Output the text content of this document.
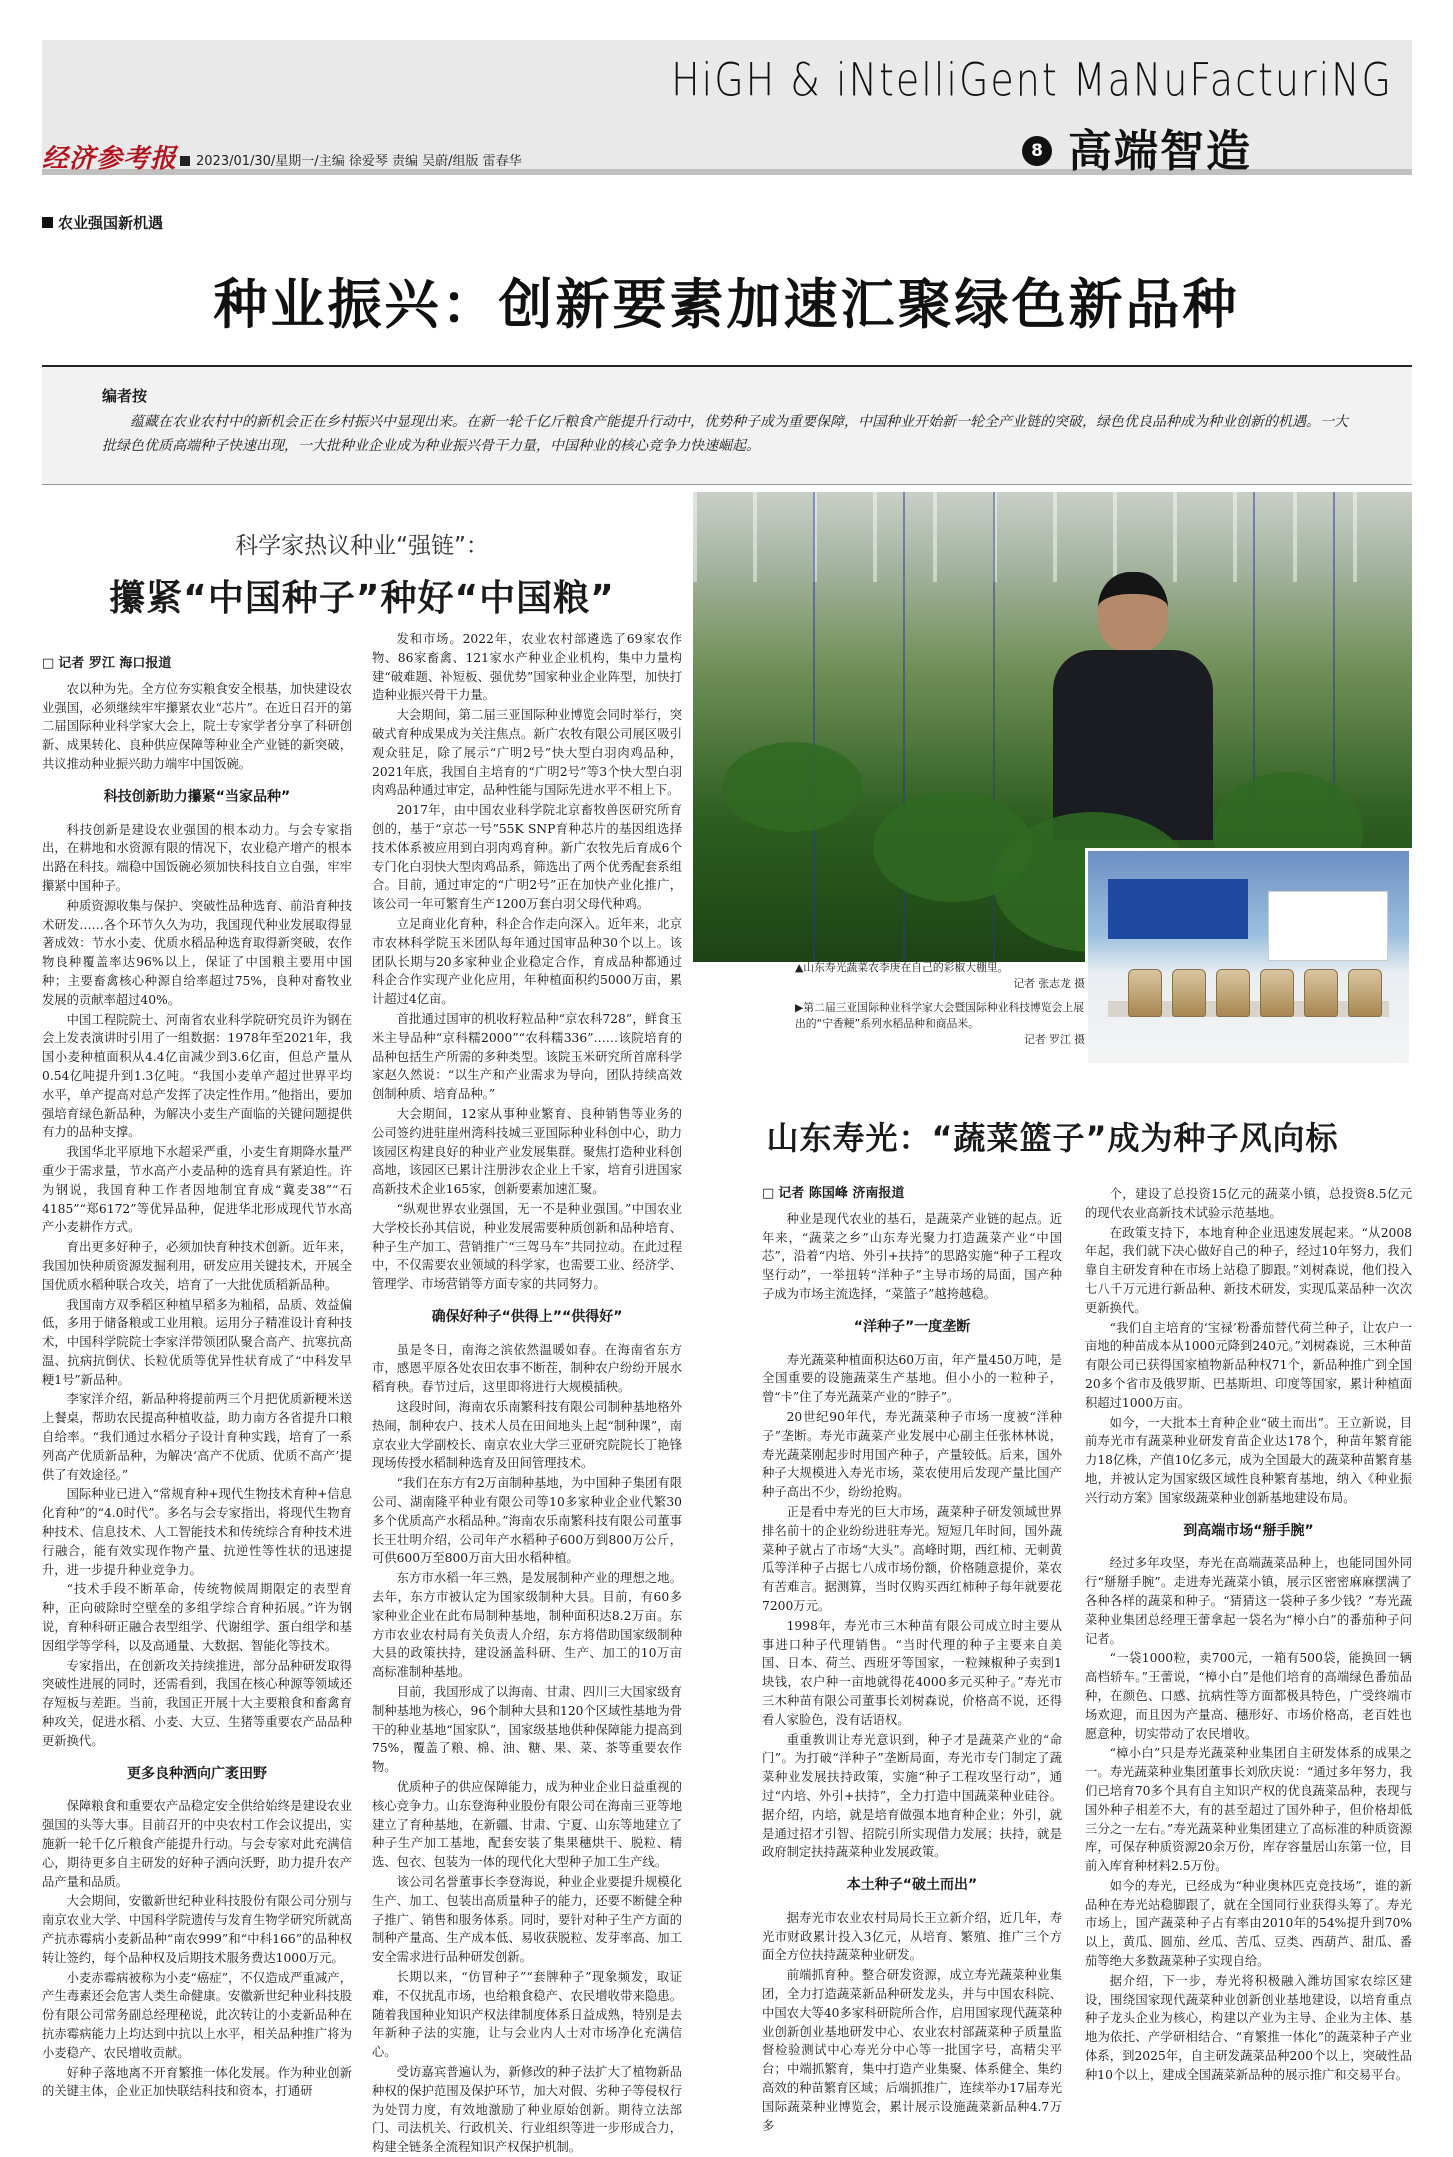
HiGH & iNtelliGent MaNuFacturiNG
经济参考报	2023/01/30/星期一/主编 徐爱琴 责编 吴蔚/组版 雷春华
8 高端智造
农业强国新机遇
种业振兴：创新要素加速汇聚绿色新品种
编者按
蕴藏在农业农村中的新机会正在乡村振兴中显现出来。在新一轮千亿斤粮食产能提升行动中，优势种子成为重要保障，中国种业开始新一轮全产业链的突破，绿色优良品种成为种业创新的机遇。一大批绿色优质高端种子快速出现，一大批种业企业成为种业振兴骨干力量，中国种业的核心竞争力快速崛起。
科学家热议种业“强链”：
攥紧“中国种子”种好“中国粮”
□ 记者 罗江 海口报道

农以种为先。全方位夯实粮食安全根基，加快建设农业强国，必须继续牢牢攥紧农业“芯片”。在近日召开的第二届国际种业科学家大会上，院士专家学者分享了科研创新、成果转化、良种供应保障等种业全产业链的新突破，共议推动种业振兴助力端牢中国饭碗。

科技创新助力攥紧“当家品种”

科技创新是建设农业强国的根本动力。与会专家指出，在耕地和水资源有限的情况下，农业稳产增产的根本出路在科技。端稳中国饭碗必须加快科技自立自强，牢牢攥紧中国种子。

种质资源收集与保护、突破性品种选育、前沿育种技术研发……各个环节久久为功，我国现代种业发展取得显著成效：节水小麦、优质水稻品种选育取得新突破，农作物良种覆盖率达96%以上，保证了中国粮主要用中国种；主要畜禽核心种源自给率超过75%，良种对畜牧业发展的贡献率超过40%。

中国工程院院士、河南省农业科学院研究员许为钢在会上发表演讲时引用了一组数据：1978年至2021年，我国小麦种植面积从4.4亿亩减少到3.6亿亩，但总产量从0.54亿吨提升到1.3亿吨。“我国小麦单产超过世界平均水平，单产提高对总产发挥了决定性作用。”他指出，要加强培育绿色新品种，为解决小麦生产面临的关键问题提供有力的品种支撑。

我国华北平原地下水超采严重，小麦生育期降水量严重少于需求量，节水高产小麦品种的选育具有紧迫性。许为钢说，我国育种工作者因地制宜育成“冀麦38”“石4185”“郑6172”等优异品种，促进华北形成现代节水高产小麦耕作方式。

育出更多好种子，必须加快育种技术创新。近年来，我国加快种质资源发掘利用，研发应用关键技术，开展全国优质水稻种联合攻关，培育了一大批优质稻新品种。

我国南方双季稻区种植早稻多为籼稻，品质、效益偏低，多用于储备粮或工业用粮。运用分子精准设计育种技术，中国科学院院士李家洋带领团队聚合高产、抗寒抗高温、抗病抗倒伏、长粒优质等优异性状育成了“中科发早粳1号”新品种。

李家洋介绍，新品种将提前两三个月把优质新粳米送上餐桌，帮助农民提高种植收益，助力南方各省提升口粮自给率。“我们通过水稻分子设计育种实践，培育了一系列高产优质新品种，为解决‘高产不优质、优质不高产’提供了有效途径。”

国际种业已进入“常规育种+现代生物技术育种+信息化育种”的“4.0时代”。多名与会专家指出，将现代生物育种技术、信息技术、人工智能技术和传统综合育种技术进行融合，能有效实现作物产量、抗逆性等性状的迅速提升，进一步提升种业竞争力。

“技术手段不断革命，传统物候周期限定的表型育种，正向破除时空壁垒的多组学综合育种拓展。”许为钢说，育种科研正融合表型组学、代谢组学、蛋白组学和基因组学等学科，以及高通量、大数据、智能化等技术。

专家指出，在创新攻关持续推进，部分品种研发取得突破性进展的同时，还需看到，我国在核心种源等领域还存短板与差距。当前，我国正开展十大主要粮食和畜禽育种攻关，促进水稻、小麦、大豆、生猪等重要农产品品种更新换代。

更多良种洒向广袤田野

保障粮食和重要农产品稳定安全供给始终是建设农业强国的头等大事。目前召开的中央农村工作会议提出，实施新一轮千亿斤粮食产能提升行动。与会专家对此充满信心，期待更多自主研发的好种子洒向沃野，助力提升农产品产量和品质。

大会期间，安徽新世纪种业科技股份有限公司分别与南京农业大学、中国科学院遗传与发育生物学研究所就高产抗赤霉病小麦新品种“南农999”和“中科166”的品种权转让签约，每个品种权及后期技术服务费达1000万元。

小麦赤霉病被称为小麦“癌症”，不仅造成严重减产，产生毒素还会危害人类生命健康。安徽新世纪种业科技股份有限公司常务副总经理秘说，此次转让的小麦新品种在抗赤霉病能力上均达到中抗以上水平，相关品种推广将为小麦稳产、农民增收贡献。

好种子落地离不开育繁推一体化发展。作为种业创新的关键主体，企业正加快联结科技和资本，打通研

发和市场。2022年，农业农村部遴选了69家农作物、86家畜禽、121家水产种业企业机构，集中力量构建“破难题、补短板、强优势”国家种业企业阵型，加快打造种业振兴骨干力量。

大会期间，第二届三亚国际种业博览会同时举行，突破式育种成果成为关注焦点。新广农牧有限公司展区吸引观众驻足，除了展示“广明2号”快大型白羽肉鸡品种，2021年底，我国自主培育的“广明2号”等3个快大型白羽肉鸡品种通过审定，品种性能与国际先进水平不相上下。

2017年，由中国农业科学院北京畜牧兽医研究所育创的，基于“京芯一号”55K SNP育种芯片的基因组选择技术体系被应用到白羽肉鸡育种。新广农牧先后育成6个专门化白羽快大型肉鸡品系，筛选出了两个优秀配套系组合。目前，通过审定的“广明2号”正在加快产业化推广，该公司一年可繁育生产1200万套白羽父母代种鸡。

立足商业化育种，科企合作走向深入。近年来，北京市农林科学院玉米团队每年通过国审品种30个以上。该团队长期与20多家种业企业稳定合作，育成品种都通过科企合作实现产业化应用，年种植面积约5000万亩，累计超过4亿亩。

首批通过国审的机收籽粒品种“京农科728”，鲜食玉米主导品种“京科糯2000”“农科糯336”……该院培育的品种包括生产所需的多种类型。该院玉米研究所首席科学家赵久然说：“以生产和产业需求为导向，团队持续高效创制种质、培育品种。”

大会期间，12家从事种业繁育、良种销售等业务的公司签约进驻崖州湾科技城三亚国际种业科创中心，助力该园区构建良好的种业产业发展集群。聚焦打造种业科创高地，该园区已累计注册涉农企业上千家，培育引进国家高新技术企业165家，创新要素加速汇聚。

“纵观世界农业强国，无一不是种业强国。”中国农业大学校长孙其信说，种业发展需要种质创新和品种培育、种子生产加工、营销推广“三驾马车”共同拉动。在此过程中，不仅需要农业领域的科学家，也需要工业、经济学、管理学、市场营销等方面专家的共同努力。

确保好种子“供得上”“供得好”

虽是冬日，南海之滨依然温暖如春。在海南省东方市，感恩平原各处农田农事不断茬，制种农户纷纷开展水稻育秧。春节过后，这里即将进行大规模插秧。

这段时间，海南农乐南繁科技有限公司制种基地格外热闹，制种农户、技术人员在田间地头上起“制种课”，南京农业大学副校长、南京农业大学三亚研究院院长丁艳锋现场传授水稻制种选育及田间管理技术。

“我们在东方有2万亩制种基地，为中国种子集团有限公司、湖南隆平种业有限公司等10多家种业企业代繁30多个优质高产水稻品种。”海南农乐南繁科技有限公司董事长王壮明介绍，公司年产水稻种子600万到800万公斤，可供600万至800万亩大田水稻种植。

东方市水稻一年三熟，是发展制种产业的理想之地。去年，东方市被认定为国家级制种大县。目前，有60多家种业企业在此布局制种基地，制种面积达8.2万亩。东方市农业农村局有关负责人介绍，东方将借助国家级制种大县的政策扶持，建设涵盖科研、生产、加工的10万亩高标准制种基地。

目前，我国形成了以海南、甘肃、四川三大国家级育制种基地为核心，96个制种大县和120个区域性基地为骨干的种业基地“国家队”，国家级基地供种保障能力提高到75%，覆盖了粮、棉、油、糖、果、菜、茶等重要农作物。

优质种子的供应保障能力，成为种业企业日益重视的核心竞争力。山东登海种业股份有限公司在海南三亚等地建立了育种基地，在新疆、甘肃、宁夏、山东等地建立了种子生产加工基地，配套安装了集果穗烘干、脱粒、精选、包衣、包装为一体的现代化大型种子加工生产线。

该公司名誉董事长李登海说，种业企业要提升规模化生产、加工、包装出高质量种子的能力，还要不断健全种子推广、销售和服务体系。同时，要针对种子生产方面的制种产量高、生产成本低、易收获脱粒、发芽率高、加工安全需求进行品种研发创新。

长期以来，“仿冒种子”“套牌种子”现象频发，取证难，不仅扰乱市场，也给粮食稳产、农民增收带来隐患。随着我国种业知识产权法律制度体系日益成熟，特别是去年新种子法的实施，让与会业内人士对市场净化充满信心。

受访嘉宾普遍认为，新修改的种子法扩大了植物新品种权的保护范围及保护环节，加大对假、劣种子等侵权行为处罚力度，有效地激励了种业原始创新。期待立法部门、司法机关、行政机关、行业组织等进一步形成合力，构建全链条全流程知识产权保护机制。

▲山东寿光蔬菜农李庚在自己的彩椒大棚里。
记者 张志龙 摄
▶第二届三亚国际种业科学家大会暨国际种业科技博览会上展出的“宁香粳”系列水稻品种和商品米。
记者 罗江 摄
山东寿光：“蔬菜篮子”成为种子风向标
□ 记者 陈国峰 济南报道

种业是现代农业的基石，是蔬菜产业链的起点。近年来，“蔬菜之乡”山东寿光聚力打造蔬菜产业“中国芯”，沿着“内培、外引+扶持”的思路实施“种子工程攻坚行动”，一举扭转“洋种子”主导市场的局面，国产种子成为市场主流选择，“菜篮子”越挎越稳。

“洋种子”一度垄断

寿光蔬菜种植面积达60万亩，年产量450万吨，是全国重要的设施蔬菜生产基地。但小小的一粒种子，曾“卡”住了寿光蔬菜产业的“脖子”。

20世纪90年代，寿光蔬菜种子市场一度被“洋种子”垄断。寿光市蔬菜产业发展中心副主任张林林说，寿光蔬菜刚起步时用国产种子，产量较低。后来，国外种子大规模进入寿光市场，菜农使用后发现产量比国产种子高出不少，纷纷抢购。

正是看中寿光的巨大市场，蔬菜种子研发领域世界排名前十的企业纷纷进驻寿光。短短几年时间，国外蔬菜种子就占了市场“大头”。高峰时期，西红柿、无刺黄瓜等洋种子占据七八成市场份额，价格随意提价，菜农有苦难言。据测算，当时仅购买西红柿种子每年就要花7200万元。

1998年，寿光市三木种苗有限公司成立时主要从事进口种子代理销售。“当时代理的种子主要来自美国、日本、荷兰、西班牙等国家，一粒辣椒种子卖到1块钱，农户种一亩地就得花4000多元买种子。”寿光市三木种苗有限公司董事长刘树森说，价格高不说，还得看人家脸色，没有话语权。

重重教训让寿光意识到，种子才是蔬菜产业的“命门”。为打破“洋种子”垄断局面，寿光市专门制定了蔬菜种业发展扶持政策，实施“种子工程攻坚行动”，通过“内培、外引+扶持”，全力打造中国蔬菜种业硅谷。据介绍，内培，就是培育做强本地育种企业；外引，就是通过招才引智、招院引所实现借力发展；扶持，就是政府制定扶持蔬菜种业发展政策。

本土种子“破土而出”

据寿光市农业农村局局长王立新介绍，近几年，寿光市财政累计投入3亿元，从培育、繁殖、推广三个方面全方位扶持蔬菜种业研发。

前端抓育种。整合研发资源，成立寿光蔬菜种业集团，全力打造蔬菜新品种研发龙头，并与中国农科院、中国农大等40多家科研院所合作，启用国家现代蔬菜种业创新创业基地研发中心、农业农村部蔬菜种子质量监督检验测试中心寿光分中心等一批国字号，高精尖平台；中端抓繁育，集中打造产业集聚、体系健全、集约高效的种苗繁育区域；后端抓推广，连续举办17届寿光国际蔬菜种业博览会，累计展示设施蔬菜新品种4.7万多

个，建设了总投资15亿元的蔬菜小镇，总投资8.5亿元的现代农业高新技术试验示范基地。

在政策支持下，本地育种企业迅速发展起来。“从2008年起，我们就下决心做好自己的种子，经过10年努力，我们靠自主研发育种在市场上站稳了脚跟。”刘树森说，他们投入七八千万元进行新品种、新技术研发，实现瓜菜品种一次次更新换代。

“我们自主培育的‘宝禄’粉番茄替代荷兰种子，让农户一亩地的种苗成本从1000元降到240元。”刘树森说，三木种苗有限公司已获得国家植物新品种权71个，新品种推广到全国20多个省市及俄罗斯、巴基斯坦、印度等国家，累计种植面积超过1000万亩。

如今，一大批本土育种企业“破土而出”。王立新说，目前寿光市有蔬菜种业研发育苗企业达178个，种苗年繁育能力18亿株，产值10亿多元，成为全国最大的蔬菜种苗繁育基地，并被认定为国家级区域性良种繁育基地，纳入《种业振兴行动方案》国家级蔬菜种业创新基地建设布局。

到高端市场“掰手腕”

经过多年攻坚，寿光在高端蔬菜品种上，也能同国外同行“掰掰手腕”。走进寿光蔬菜小镇，展示区密密麻麻摆满了各种各样的蔬菜和种子。“猜猜这一袋种子多少钱？”寿光蔬菜种业集团总经理王蕾拿起一袋名为“樟小白”的番茄种子问记者。

“一袋1000粒，卖700元，一箱有500袋，能换回一辆高档轿车。”王蕾说，“樟小白”是他们培育的高端绿色番茄品种，在颜色、口感、抗病性等方面都极具特色，广受终端市场欢迎，而且因为产量高、穗形好、市场价格高，老百姓也愿意种，切实带动了农民增收。

“樟小白”只是寿光蔬菜种业集团自主研发体系的成果之一。寿光蔬菜种业集团董事长刘欣庆说：“通过多年努力，我们已培育70多个具有自主知识产权的优良蔬菜品种，表现与国外种子相差不大，有的甚至超过了国外种子，但价格却低三分之一左右。”寿光蔬菜种业集团建立了高标准的种质资源库，可保存种质资源20余万份，库存容量居山东第一位，目前入库育种材料2.5万份。

如今的寿光，已经成为“种业奥林匹克竞技场”，谁的新品种在寿光站稳脚跟了，就在全国同行业获得头筹了。寿光市场上，国产蔬菜种子占有率由2010年的54%提升到70%以上，黄瓜、圆茄、丝瓜、苦瓜、豆类、西葫芦、甜瓜、番茄等绝大多数蔬菜种子实现自给。

据介绍，下一步，寿光将积极融入潍坊国家农综区建设，围绕国家现代蔬菜种业创新创业基地建设，以培育重点种子龙头企业为核心，构建以产业为主导、企业为主体、基地为依托、产学研相结合、“育繁推一体化”的蔬菜种子产业体系，到2025年，自主研发蔬菜品种200个以上，突破性品种10个以上，建成全国蔬菜新品种的展示推广和交易平台。
